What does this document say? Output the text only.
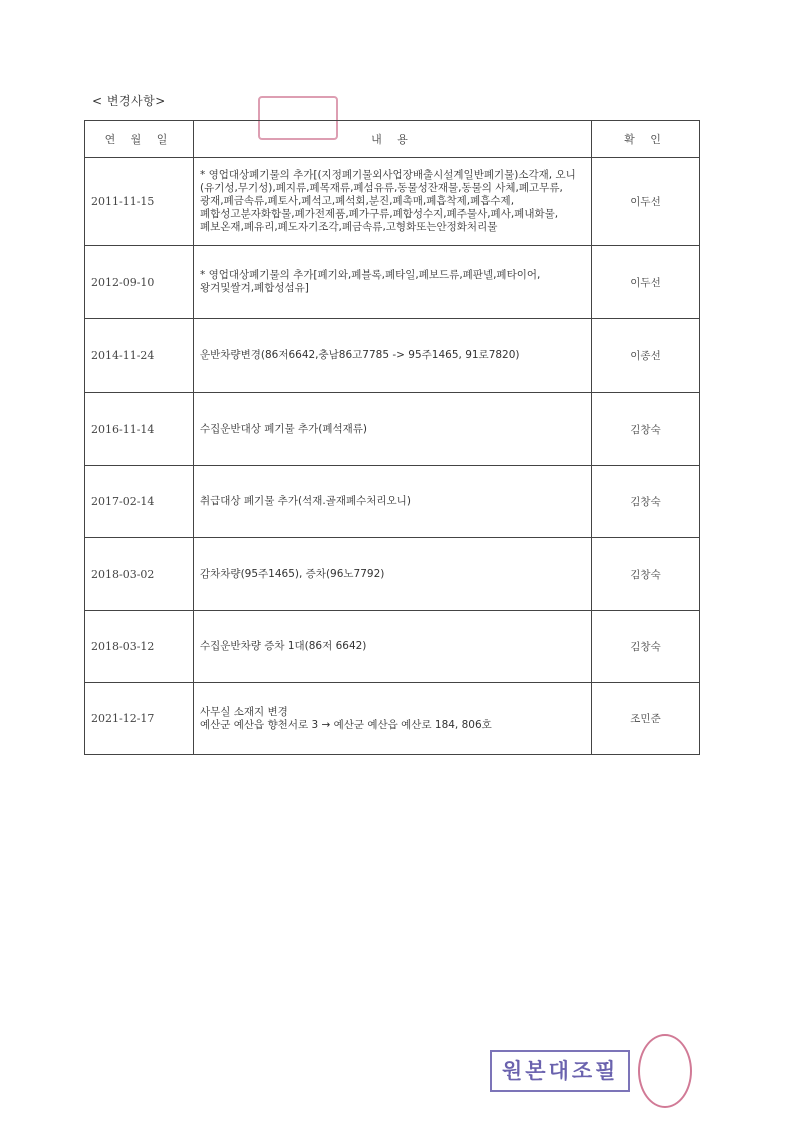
< 변경사항>
연 월 일	내 용	확 인
2011-11-15	* 영업대상폐기물의 추가[(지정폐기물외사업장배출시설계일반폐기물)소각재, 오니(유기성,무기성),폐지류,폐목재류,폐섬유류,동물성잔재물,동물의 사체,폐고무류,광재,폐금속류,폐토사,폐석고,폐석회,분진,폐촉매,폐흡착제,폐흡수제,폐합성고분자화합물,폐가전제품,폐가구류,폐합성수지,폐주물사,폐사,폐내화물,폐보온재,폐유리,폐도자기조각,폐금속류,고형화또는안정화처리물	이두선
2012-09-10	* 영업대상폐기물의 추가[폐기와,폐블록,폐타일,폐보드류,폐판넬,폐타이어,
왕겨및쌀겨,폐합성섬유]	이두선
2014-11-24	운반차량변경(86저6642,충남86고7785 -> 95주1465, 91로7820)	이종선
2016-11-14	수집운반대상 폐기물 추가(폐석재류)	김창숙
2017-02-14	취급대상 폐기물 추가(석재.골재폐수처리오니)	김창숙
2018-03-02	감차차량(95주1465), 증차(96노7792)	김창숙
2018-03-12	수집운반차량 증차 1대(86저 6642)	김창숙
2021-12-17	사무실 소재지 변경
예산군 예산읍 향천서로 3 → 예산군 예산읍 예산로 184, 806호	조민준
원본대조필
